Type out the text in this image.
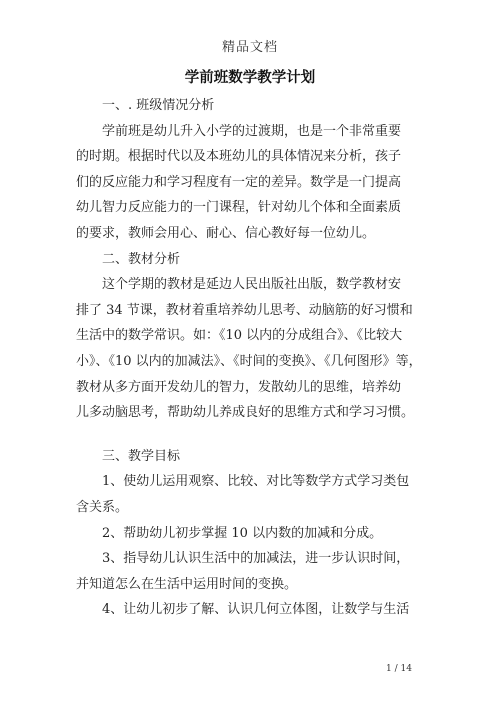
精品文档
学前班数学教学计划
一、. 班级情况分析
学前班是幼儿升入小学的过渡期，也是一个非常重要
的时期。根据时代以及本班幼儿的具体情况来分析，孩子
们的反应能力和学习程度有一定的差异。数学是一门提高
幼儿智力反应能力的一门课程，针对幼儿个体和全面素质
的要求，教师会用心、耐心、信心教好每一位幼儿。
二、教材分析
这个学期的教材是延边人民出版社出版，数学教材安
排了 34 节课，教材着重培养幼儿思考、动脑筋的好习惯和
生活中的数学常识。如：《10 以内的分成组合》、《比较大
小》、《10 以内的加减法》、《时间的变换》、《几何图形》等，
教材从多方面开发幼儿的智力，发散幼儿的思维，培养幼
儿多动脑思考，帮助幼儿养成良好的思维方式和学习习惯。
三、教学目标
1、使幼儿运用观察、比较、对比等数学方式学习类包
含关系。
2、帮助幼儿初步掌握 10 以内数的加减和分成。
3、指导幼儿认识生活中的加减法，进一步认识时间，
并知道怎么在生活中运用时间的变换。
4、让幼儿初步了解、认识几何立体图，让数学与生活
1 / 14
